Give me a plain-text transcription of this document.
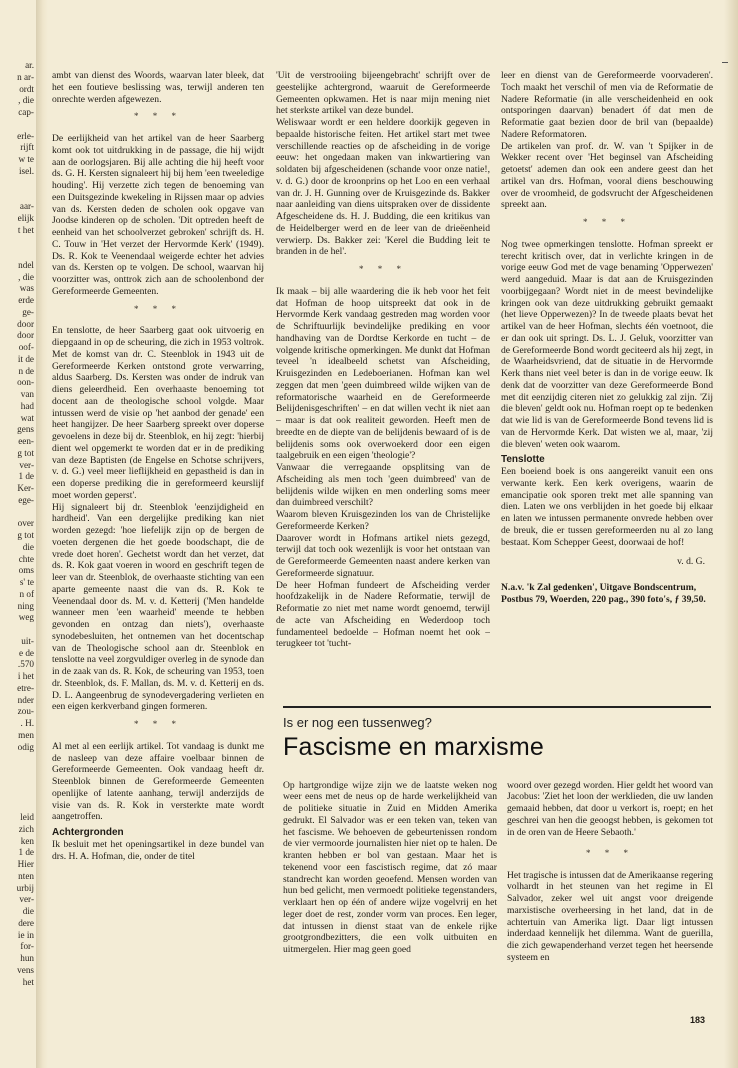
ar.
n ar-
ordt
, die
cap-

erle-
rijft
w te
isel.

aar-
elijk
t het

ndel
, die
was
erde
ge-
door
door
oof-
it de
n de
oon-
van
had
wat
gens
een-
g tot
ver-
1 de
Ker-
ege-

over
g tot
die
chte
oms
s' te
n of
ning
weg

uit-
e de
.570
i het
etre-
nder
zou-
. H.
men
odig

leid
zich
ken
1 de
Hier
nten
urbij
ver-
die
dere
ie in
for-
hun
vens
het

ambt van dienst des Woords, waarvan later bleek, dat het een foutieve beslissing was, terwijl anderen ten onrechte werden afgewezen.

* * *

De eerlijkheid van het artikel van de heer Saarberg komt ook tot uitdrukking in de passage, die hij wijdt aan de oorlogsjaren. Bij alle achting die hij heeft voor ds. G. H. Kersten signaleert hij bij hem 'een tweeledige houding'. Hij verzette zich tegen de benoeming van een Duitsgezinde kwekeling in Rijssen maar op advies van ds. Kersten deden de scholen ook opgave van Joodse kinderen op de scholen. 'Dit optreden heeft de eenheid van het schoolverzet gebroken' schrijft ds. H. C. Touw in 'Het verzet der Hervormde Kerk' (1949). Ds. R. Kok te Veenendaal weigerde echter het advies van ds. Kersten op te volgen. De school, waarvan hij voorzitter was, onttrok zich aan de schoolenbond der Gereformeerde Gemeenten.

* * *

En tenslotte, de heer Saarberg gaat ook uitvoerig en diepgaand in op de scheuring, die zich in 1953 voltrok. Met de komst van dr. C. Steenblok in 1943 uit de Gereformeerde Kerken ontstond grote verwarring, aldus Saarberg. Ds. Kersten was onder de indruk van diens geleerdheid. Een overhaaste benoeming tot docent aan de theologische school volgde. Maar intussen werd de visie op 'het aanbod der genade' een heet hangijzer. De heer Saarberg spreekt over doperse gevoelens in deze bij dr. Steenblok, en hij zegt: 'hierbij dient wel opgemerkt te worden dat er in de prediking van deze Baptisten (de Engelse en Schotse schrijvers, v. d. G.) veel meer lieflijkheid en gepastheid is dan in een doperse prediking die in gereformeerd keurslijf moet worden geperst'.

Hij signaleert bij dr. Steenblok 'eenzijdigheid en hardheid'. Van een dergelijke prediking kan niet worden gezegd: 'hoe liefelijk zijn op de bergen de voeten dergenen die het goede boodschapt, die de vrede doet horen'. Gechetst wordt dan het verzet, dat ds. R. Kok gaat voeren in woord en geschrift tegen de leer van dr. Steenblok, de overhaaste stichting van een aparte gemeente naast die van ds. R. Kok te Veenendaal door ds. M. v. d. Ketterij ('Men handelde wanneer men 'een waarheid' meende te hebben gevonden en ontzag dan niets'), overhaaste synodebesluiten, het ontnemen van het docentschap van de Theologische school aan dr. Steenblok en tenslotte na veel zorgvuldiger overleg in de synode dan in de zaak van ds. R. Kok, de scheuring van 1953, toen dr. Steenblok, ds. F. Mallan, ds. M. v. d. Ketterij en ds. D. L. Aangeenbrug de synodevergadering verlieten en een eigen kerkverband gingen formeren.

* * *

Al met al een eerlijk artikel. Tot vandaag is dunkt me de nasleep van deze affaire voelbaar binnen de Gereformeerde Gemeenten. Ook vandaag heeft dr. Steenblok binnen de Gereformeerde Gemeenten openlijke of latente aanhang, terwijl anderzijds de visie van ds. R. Kok in versterkte mate wordt aangetroffen.

Achtergronden

Ik besluit met het openingsartikel in deze bundel van drs. H. A. Hofman, die, onder de titel

'Uit de verstrooiing bijeengebracht' schrijft over de geestelijke achtergrond, waaruit de Gereformeerde Gemeenten opkwamen. Het is naar mijn mening niet het sterkste artikel van deze bundel.

Weliswaar wordt er een heldere doorkijk gegeven in bepaalde historische feiten. Het artikel start met twee verschillende reacties op de afscheiding in de vorige eeuw: het ongedaan maken van inkwartiering van soldaten bij afgescheidenen (schande voor onze natie!, v. d. G.) door de kroonprins op het Loo en een verhaal van dr. J. H. Gunning over de Kruisgezinde ds. Bakker naar aanleiding van diens uitspraken over de dissidente Afgescheidene ds. H. J. Budding, die een kritikus van de Heidelberger werd en de leer van de drieëenheid verwierp. Ds. Bakker zei: 'Kerel die Budding leit te branden in de hel'.

* * *

Ik maak – bij alle waardering die ik heb voor het feit dat Hofman de hoop uitspreekt dat ook in de Hervormde Kerk vandaag gestreden mag worden voor de Schriftuurlijk bevindelijke prediking en voor handhaving van de Dordtse Kerkorde en tucht – de volgende kritische opmerkingen. Me dunkt dat Hofman teveel 'n idealbeeld schetst van Afscheiding, Kruisgezinden en Ledeboerianen. Hofman kan wel zeggen dat men 'geen duimbreed wilde wijken van de reformatorische waarheid en de Gereformeerde Belijdenisgeschriften' – en dat willen vecht ik niet aan – maar is dat ook realiteit geworden. Heeft men de breedte en de diepte van de belijdenis bewaard of is de belijdenis soms ook overwoekerd door een eigen taalgebruik en een eigen 'theologie'?

Vanwaar die verregaande opsplitsing van de Afscheiding als men toch 'geen duimbreed' van de belijdenis wilde wijken en men onderling soms meer dan duimbreed verschilt?

Waarom bleven Kruisgezinden los van de Christelijke Gereformeerde Kerken?

Daarover wordt in Hofmans artikel niets gezegd, terwijl dat toch ook wezenlijk is voor het ontstaan van de Gereformeerde Gemeenten naast andere kerken van Gereformeerde signatuur.

De heer Hofman fundeert de Afscheiding verder hoofdzakelijk in de Nadere Reformatie, terwijl de Reformatie zo niet met name wordt genoemd, terwijl de acte van Afscheiding en Wederdoop toch fundamenteel bedoelde – Hofman noemt het ook – terugkeer tot 'tucht-

leer en dienst van de Gereformeerde voorvaderen'. Toch maakt het verschil of men via de Reformatie de Nadere Reformatie (in alle verscheidenheid en ook ontsporingen daarvan) benadert óf dat men de Reformatie gaat bezien door de bril van (bepaalde) Nadere Reformatoren.

De artikelen van prof. dr. W. van 't Spijker in de Wekker recent over 'Het beginsel van Afscheiding getoetst' ademen dan ook een andere geest dan het artikel van drs. Hofman, vooral diens beschouwing over de vroomheid, de godsvrucht der Afgescheidenen spreekt aan.

* * *

Nog twee opmerkingen tenslotte. Hofman spreekt er terecht kritisch over, dat in verlichte kringen in de vorige eeuw God met de vage benaming 'Opperwezen' werd aangeduid. Maar is dat aan de Kruisgezinden voorbijgegaan? Wordt niet in de meest bevindelijke kringen ook van deze uitdrukking gebruikt gemaakt (het lieve Opperwezen)? In de tweede plaats bevat het artikel van de heer Hofman, slechts één voetnoot, die er dan ook uit springt. Ds. L. J. Geluk, voorzitter van de Gereformeerde Bond wordt geciteerd als hij zegt, in de Waarheidsvriend, dat de situatie in de Hervormde Kerk thans niet veel beter is dan in de vorige eeuw. Ik denk dat de voorzitter van deze Gereformeerde Bond met dit eenzijdig citeren niet zo gelukkig zal zijn. 'Zij die bleven' geldt ook nu. Hofman roept op te bedenken dat wie lid is van de Gereformeerde Bond tevens lid is van de Hervormde Kerk. Dat wisten we al, maar, 'zij die bleven' weten ook waarom.

Tenslotte

Een boeiend boek is ons aangereikt vanuit een ons verwante kerk. Een kerk overigens, waarin de emancipatie ook sporen trekt met alle spanning van dien. Laten we ons verblijden in het goede bij elkaar en laten we intussen permanente onvrede hebben over de breuk, die er tussen gereformeerden nu al zo lang bestaat. Kom Schepper Geest, doorwaai de hof!

v. d. G.
N.a.v. 'k Zal gedenken', Uitgave Bondscentrum, Postbus 79, Woerden, 220 pag., 390 foto's, ƒ 39,50.
Is er nog een tussenweg?
Fascisme en marxisme

Op hartgrondige wijze zijn we de laatste weken nog weer eens met de neus op de harde werkelijkheid van de politieke situatie in Zuid en Midden Amerika gedrukt. El Salvador was er een teken van, teken van het fascisme. We behoeven de gebeurtenissen rondom de vier vermoorde journalisten hier niet op te halen. De kranten hebben er bol van gestaan. Maar het is tekenend voor een fascistisch regime, dat zó maar standrecht kan worden geoefend. Mensen worden van hun bed gelicht, men vermoedt politieke tegenstanders, verklaart hen op één of andere wijze vogelvrij en het leger doet de rest, zonder vorm van proces. Een leger, dat intussen in dienst staat van de enkele rijke grootgrondbezitters, die een volk uitbuiten en uitmergelen. Hier mag geen goed

woord over gezegd worden. Hier geldt het woord van Jacobus: 'Ziet het loon der werklieden, die uw landen gemaaid hebben, dat door u verkort is, roept; en het geschrei van hen die geoogst hebben, is gekomen tot in de oren van de Heere Sebaoth.'

* * *

Het tragische is intussen dat de Amerikaanse regering volhardt in het steunen van het regime in El Salvador, zeker wel uit angst voor dreigende marxistische overheersing in het land, dat in de achtertuin van Amerika ligt. Daar ligt intussen inderdaad kennelijk het dilemma. Want de guerilla, die zich gewapenderhand verzet tegen het heersende systeem en

183
